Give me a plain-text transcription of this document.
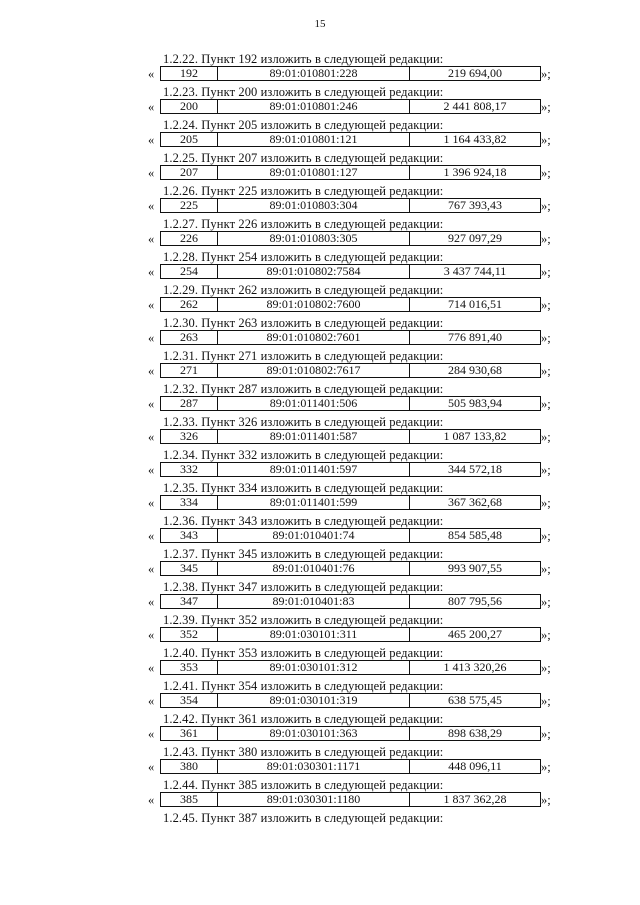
15
1.2.22. Пункт 192 изложить в следующей редакции:
«	192	89:01:010801:228	219 694,00	»;
1.2.23. Пункт 200 изложить в следующей редакции:
«	200	89:01:010801:246	2 441 808,17	»;
1.2.24. Пункт 205 изложить в следующей редакции:
«	205	89:01:010801:121	1 164 433,82	»;
1.2.25. Пункт 207 изложить в следующей редакции:
«	207	89:01:010801:127	1 396 924,18	»;
1.2.26. Пункт 225 изложить в следующей редакции:
«	225	89:01:010803:304	767 393,43	»;
1.2.27. Пункт 226 изложить в следующей редакции:
«	226	89:01:010803:305	927 097,29	»;
1.2.28. Пункт 254 изложить в следующей редакции:
«	254	89:01:010802:7584	3 437 744,11	»;
1.2.29. Пункт 262 изложить в следующей редакции:
«	262	89:01:010802:7600	714 016,51	»;
1.2.30. Пункт 263 изложить в следующей редакции:
«	263	89:01:010802:7601	776 891,40	»;
1.2.31. Пункт 271 изложить в следующей редакции:
«	271	89:01:010802:7617	284 930,68	»;
1.2.32. Пункт 287 изложить в следующей редакции:
«	287	89:01:011401:506	505 983,94	»;
1.2.33. Пункт 326 изложить в следующей редакции:
«	326	89:01:011401:587	1 087 133,82	»;
1.2.34. Пункт 332 изложить в следующей редакции:
«	332	89:01:011401:597	344 572,18	»;
1.2.35. Пункт 334 изложить в следующей редакции:
«	334	89:01:011401:599	367 362,68	»;
1.2.36. Пункт 343 изложить в следующей редакции:
«	343	89:01:010401:74	854 585,48	»;
1.2.37. Пункт 345 изложить в следующей редакции:
«	345	89:01:010401:76	993 907,55	»;
1.2.38. Пункт 347 изложить в следующей редакции:
«	347	89:01:010401:83	807 795,56	»;
1.2.39. Пункт 352 изложить в следующей редакции:
«	352	89:01:030101:311	465 200,27	»;
1.2.40. Пункт 353 изложить в следующей редакции:
«	353	89:01:030101:312	1 413 320,26	»;
1.2.41. Пункт 354 изложить в следующей редакции:
«	354	89:01:030101:319	638 575,45	»;
1.2.42. Пункт 361 изложить в следующей редакции:
«	361	89:01:030101:363	898 638,29	»;
1.2.43. Пункт 380 изложить в следующей редакции:
«	380	89:01:030301:1171	448 096,11	»;
1.2.44. Пункт 385 изложить в следующей редакции:
«	385	89:01:030301:1180	1 837 362,28	»;
1.2.45. Пункт 387 изложить в следующей редакции:
